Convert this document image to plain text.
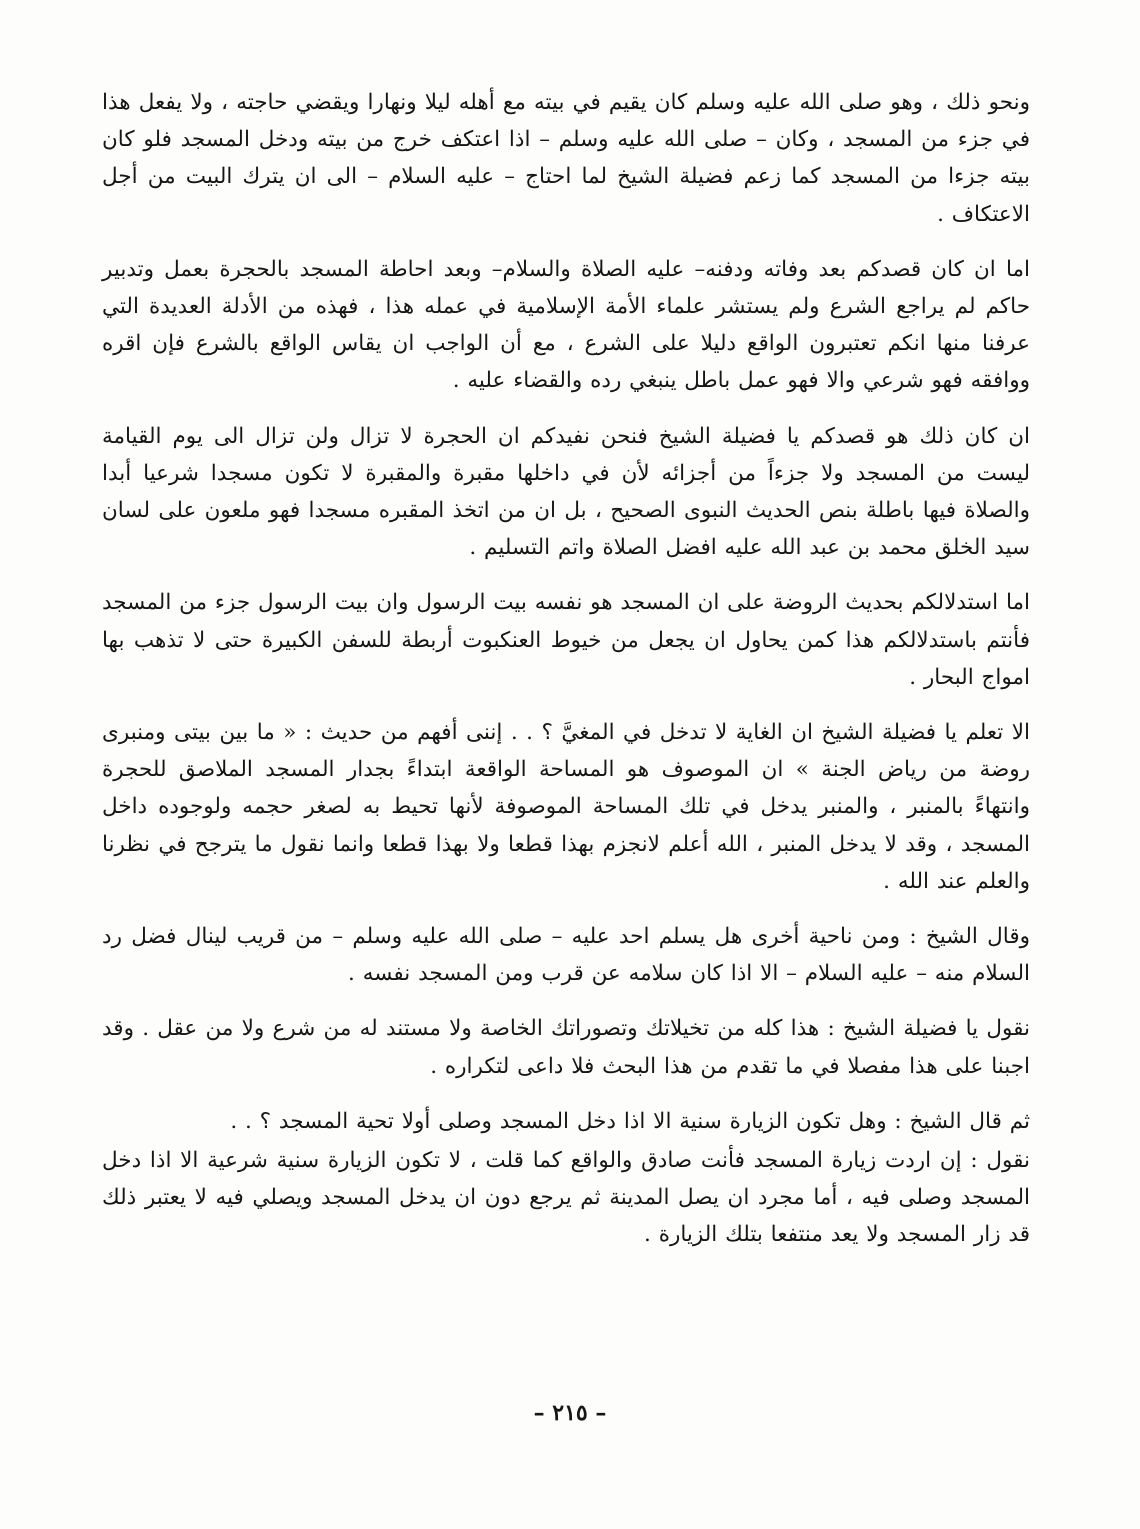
ونحو ذلك ، وهو صلى الله عليه وسلم كان يقيم في بيته مع أهله ليلا ونهارا ويقضي حاجته ، ولا يفعل هذا في جزء من المسجد ، وكان – صلى الله عليه وسلم – اذا اعتكف خرج من بيته ودخل المسجد فلو كان بيته جزءا من المسجد كما زعم فضيلة الشيخ لما احتاج – عليه السلام – الى ان يترك البيت من أجل الاعتكاف .

اما ان كان قصدكم بعد وفاته ودفنه– عليه الصلاة والسلام– وبعد احاطة المسجد بالحجرة بعمل وتدبير حاكم لم يراجع الشرع ولم يستشر علماء الأمة الإسلامية في عمله هذا ، فهذه من الأدلة العديدة التي عرفنا منها انكم تعتبرون الواقع دليلا على الشرع ، مع أن الواجب ان يقاس الواقع بالشرع فإن اقره ووافقه فهو شرعي والا فهو عمل باطل ينبغي رده والقضاء عليه .

ان كان ذلك هو قصدكم يا فضيلة الشيخ فنحن نفيدكم ان الحجرة لا تزال ولن تزال الى يوم القيامة ليست من المسجد ولا جزءاً من أجزائه لأن في داخلها مقبرة والمقبرة لا تكون مسجدا شرعيا أبدا والصلاة فيها باطلة بنص الحديث النبوى الصحيح ، بل ان من اتخذ المقبره مسجدا فهو ملعون على لسان سيد الخلق محمد بن عبد الله عليه افضل الصلاة واتم التسليم .

اما استدلالكم بحديث الروضة على ان المسجد هو نفسه بيت الرسول وان بيت الرسول جزء من المسجد فأنتم باستدلالكم هذا كمن يحاول ان يجعل من خيوط العنكبوت أربطة للسفن الكبيرة حتى لا تذهب بها امواج البحار .

الا تعلم يا فضيلة الشيخ ان الغاية لا تدخل في المغيَّ ؟ . . إننى أفهم من حديث : « ما بين بيتى ومنبرى روضة من رياض الجنة » ان الموصوف هو المساحة الواقعة ابتداءً بجدار المسجد الملاصق للحجرة وانتهاءً بالمنبر ، والمنبر يدخل في تلك المساحة الموصوفة لأنها تحيط به لصغر حجمه ولوجوده داخل المسجد ، وقد لا يدخل المنبر ، الله أعلم لانجزم بهذا قطعا ولا بهذا قطعا وانما نقول ما يترجح في نظرنا والعلم عند الله .

وقال الشيخ : ومن ناحية أخرى هل يسلم احد عليه – صلى الله عليه وسلم – من قريب لينال فضل رد السلام منه – عليه السلام – الا اذا كان سلامه عن قرب ومن المسجد نفسه .

نقول يا فضيلة الشيخ : هذا كله من تخيلاتك وتصوراتك الخاصة ولا مستند له من شرع ولا من عقل . وقد اجبنا على هذا مفصلا في ما تقدم من هذا البحث فلا داعى لتكراره .

ثم قال الشيخ : وهل تكون الزيارة سنية الا اذا دخل المسجد وصلى أولا تحية المسجد ؟ . .

نقول : إن اردت زيارة المسجد فأنت صادق والواقع كما قلت ، لا تكون الزيارة سنية شرعية الا اذا دخل المسجد وصلى فيه ، أما مجرد ان يصل المدينة ثم يرجع دون ان يدخل المسجد ويصلي فيه لا يعتبر ذلك قد زار المسجد ولا يعد منتفعا بتلك الزيارة .

– ٢١٥ –
